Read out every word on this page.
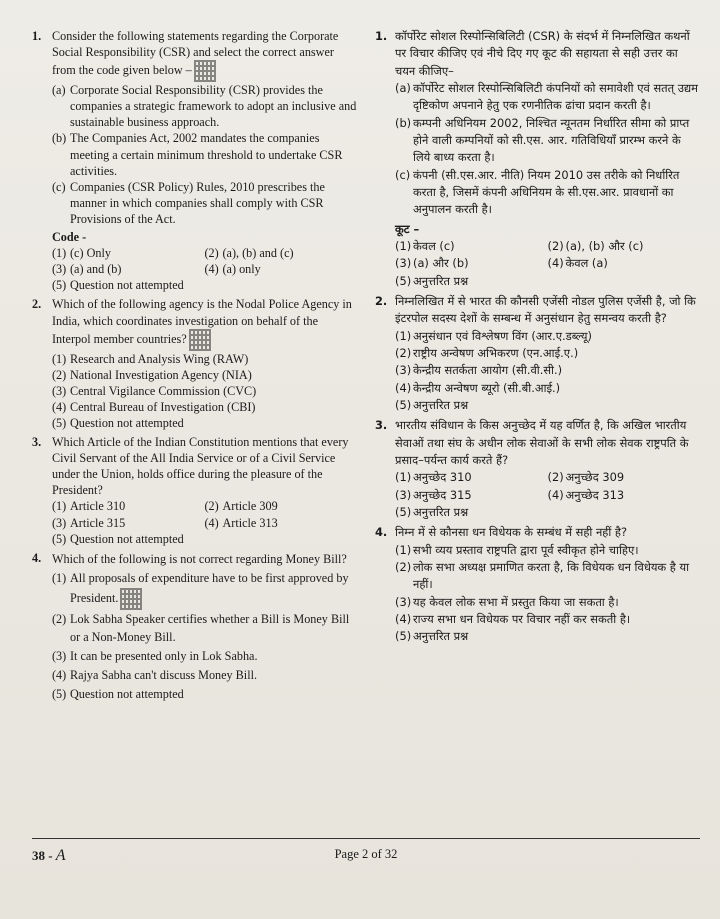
1. Consider the following statements regarding the Corporate Social Responsibility (CSR) and select the correct answer from the code given below –
(a) Corporate Social Responsibility (CSR) provides the companies a strategic framework to adopt an inclusive and sustainable business approach.
(b) The Companies Act, 2002 mandates the companies meeting a certain minimum threshold to undertake CSR activities.
(c) Companies (CSR Policy) Rules, 2010 prescribes the manner in which companies shall comply with CSR Provisions of the Act.
Code -
(1) (c) Only	(2) (a), (b) and (c)
(3) (a) and (b)	(4) (a) only
(5) Question not attempted
2. Which of the following agency is the Nodal Police Agency in India, which coordinates investigation on behalf of the Interpol member countries?
(1) Research and Analysis Wing (RAW)
(2) National Investigation Agency (NIA)
(3) Central Vigilance Commission (CVC)
(4) Central Bureau of Investigation (CBI)
(5) Question not attempted
3. Which Article of the Indian Constitution mentions that every Civil Servant of the All India Service or of a Civil Service under the Union, holds office during the pleasure of the President?
(1) Article 310	(2) Article 309
(3) Article 315	(4) Article 313
(5) Question not attempted
4. Which of the following is not correct regarding Money Bill?
(1) All proposals of expenditure have to be first approved by President.
(2) Lok Sabha Speaker certifies whether a Bill is Money Bill or a Non-Money Bill.
(3) It can be presented only in Lok Sabha.
(4) Rajya Sabha can't discuss Money Bill.
(5) Question not attempted
1. कॉर्पोरेट सोशल रिस्पोन्सिबिलिटी (CSR) के संदर्भ में निम्नलिखित कथनों पर विचार कीजिए एवं नीचे दिए गए कूट की सहायता से सही उत्तर का चयन कीजिए–
(a) कॉर्पोरेट सोशल रिस्पोन्सिबिलिटी कंपनियों को समावेशी एवं सतत् उद्यम दृष्टिकोण अपनाने हेतु एक रणनीतिक ढांचा प्रदान करती है।
(b) कम्पनी अधिनियम 2002, निश्चित न्यूनतम निर्धारित सीमा को प्राप्त होने वाली कम्पनियों को सी.एस. आर. गतिविधियाँ प्रारम्भ करने के लिये बाध्य करता है।
(c) कंपनी (सी.एस.आर. नीति) नियम 2010 उस तरीके को निर्धारित करता है, जिसमें कंपनी अधिनियम के सी.एस.आर. प्रावधानों का अनुपालन करती है।
कूट –
(1) केवल (c)	(2) (a), (b) और (c)
(3) (a) और (b)	(4) केवल (a)
(5) अनुत्तरित प्रश्न
2. निम्नलिखित में से भारत की कौनसी एजेंसी नोडल पुलिस एजेंसी है, जो कि इंटरपोल सदस्य देशों के सम्बन्ध में अनुसंधान हेतु समन्वय करती है?
(1) अनुसंधान एवं विश्लेषण विंग (आर.ए.डब्ल्यू)
(2) राष्ट्रीय अन्वेषण अभिकरण (एन.आई.ए.)
(3) केन्द्रीय सतर्कता आयोग (सी.वी.सी.)
(4) केन्द्रीय अन्वेषण ब्यूरो (सी.बी.आई.)
(5) अनुत्तरित प्रश्न
3. भारतीय संविधान के किस अनुच्छेद में यह वर्णित है, कि अखिल भारतीय सेवाओं तथा संघ के अधीन लोक सेवाओं के सभी लोक सेवक राष्ट्रपति के प्रसाद–पर्यन्त कार्य करते हैं?
(1) अनुच्छेद 310	(2) अनुच्छेद 309
(3) अनुच्छेद 315	(4) अनुच्छेद 313
(5) अनुत्तरित प्रश्न
4. निम्न में से कौनसा धन विधेयक के सम्बंध में सही नहीं है?
(1) सभी व्यय प्रस्ताव राष्ट्रपति द्वारा पूर्व स्वीकृत होने चाहिए।
(2) लोक सभा अध्यक्ष प्रमाणित करता है, कि विधेयक धन विधेयक है या नहीं।
(3) यह केवल लोक सभा में प्रस्तुत किया जा सकता है।
(4) राज्य सभा धन विधेयक पर विचार नहीं कर सकती है।
(5) अनुत्तरित प्रश्न
38 - A	Page 2 of 32
